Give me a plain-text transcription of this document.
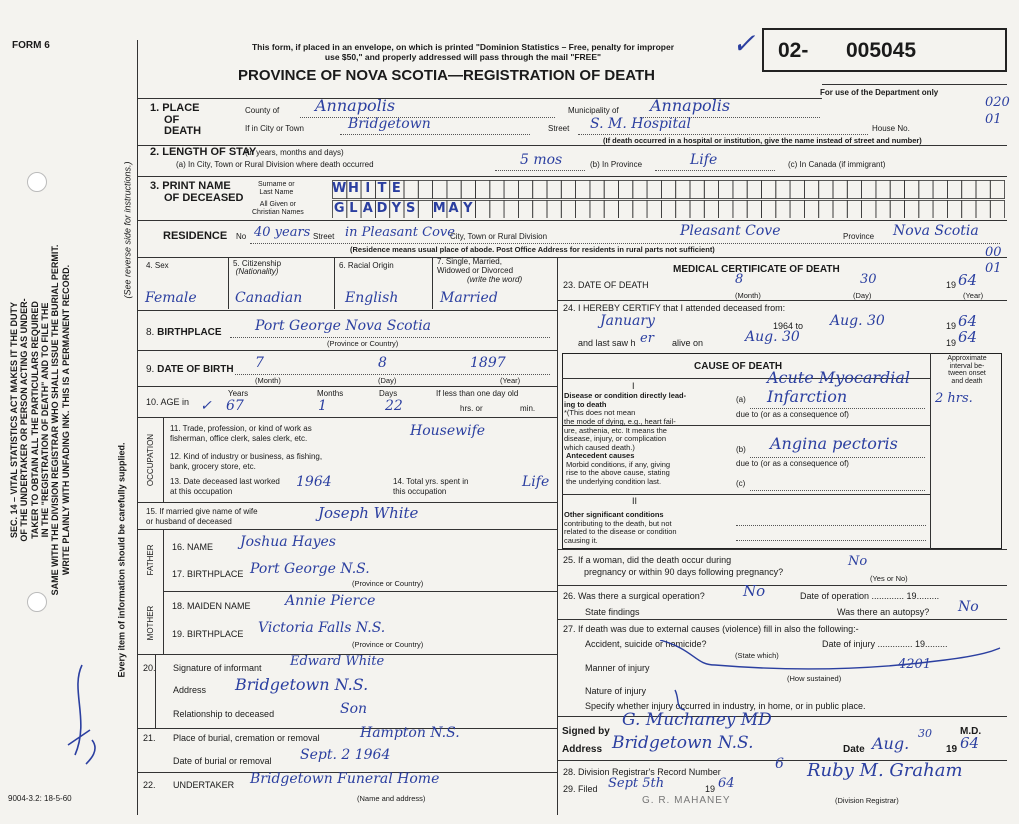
FORM 6
SEC. 14 – VITAL STATISTICS ACT MAKES IT THE DUTY OF THE UNDERTAKER OR PERSON ACTING AS UNDER- TAKER TO OBTAIN ALL THE PARTICULARS REQUIRED IN THE "REGISTRATION OF DEATH" AND TO FILE THE SAME WITH THE DIVISION REGISTRAR WHO SHALL ISSUE THE BURIAL PERMIT. WRITE PLAINLY WITH UNFADING INK. THIS IS A PERMANENT RECORD.
(See reverse side for instructions.)
Every item of information should be carefully supplied.
9004-3.2: 18-5-60
This form, if placed in an envelope, on which is printed "Dominion Statistics – Free, penalty for improper
use $50," and properly addressed will pass through the mail "FREE"
PROVINCE OF NOVA SCOTIA—REGISTRATION OF DEATH
✓ 02- 005045
For use of the Department only
020
01
1. PLACE
OF
DEATH
County of Annapolis	Municipality of Annapolis
If in City or Town	Bridgetown	Street S. M. Hospital	House No.
(If death occurred in a hospital or institution, give the name instead of street and number)
2. LENGTH OF STAY
(in years, months and days)
(a) In City, Town or Rural Division where death occurred	5 mos	(b) In Province	Life	(c) In Canada (if immigrant)
3. PRINT NAME
OF DECEASED
Surname or
Last Name
All Given or
Christian Names
W H I T E
G L A D Y S M A Y
RESIDENCE No 40 years Street in Pleasant Cove
City, Town or Rural Division	Pleasant Cove	Province Nova Scotia
(Residence means usual place of abode. Post Office Address for residents in rural parts not sufficient)	00
01
4. Sex	5. Citizenship
(Nationality)
6. Racial Origin	7. Single, Married,
Widowed or Divorced
(write the word)
Female	Canadian	English	Married
8. BIRTHPLACE Port George Nova Scotia
(Province or Country)
9. DATE OF BIRTH 7	8	1897
(Month)	(Day)	(Year)
10. AGE in
Years	Months	Days	If less than one day old
hrs. or	min.
✓ 67	1	22
OCCUPATION
11. Trade, profession, or kind of work as
fisherman, office clerk, sales clerk, etc.	Housewife
12. Kind of industry or business, as fishing,
bank, grocery store, etc.
13. Date deceased last worked
at this occupation
1964	14. Total yrs. spent in
this occupation
Life
15. If married give name of wife
or husband of deceased	Joseph White
FATHER
MOTHER
16. NAME Joshua Hayes
17. BIRTHPLACE Port George N.S.
(Province or Country)
18. MAIDEN NAME Annie Pierce
19. BIRTHPLACE Victoria Falls N.S.
(Province or Country)
20. Signature of informant Edward White
Address Bridgetown N.S.
Relationship to deceased	Son
21. Place of burial, cremation or removal	Hampton N.S.
Date of burial or removal Sept. 2 1964
22. UNDERTAKER Bridgetown Funeral Home
(Name and address)
MEDICAL CERTIFICATE OF DEATH
23. DATE OF DEATH	8	30	19 64
(Month)	(Day)	(Year)
24. I HEREBY CERTIFY that I attended deceased from:
January	1964 to Aug. 30	19 64
and last saw h er alive on	Aug. 30	19 64
CAUSE OF DEATH
Approximate
interval be-
tween onset
and death
I
Disease or condition directly lead-
ing to death
*(This does not mean
the mode of dying, e.g., heart fail-
ure, asthenia, etc. It means the
disease, injury, or complication
which caused death.)
(a)
Acute Myocardial
Infarction	2 hrs.
due to (or as a consequence of)
Antecedent causes
Morbid conditions, if any, giving
rise to the above cause, stating
the underlying condition last.
(b) Angina pectoris
due to (or as a consequence of)
(c)
II
Other significant conditions
contributing to the death, but not
related to the disease or condition
causing it.
25. If a woman, did the death occur during
pregnancy or within 90 days following pregnancy?
No
(Yes or No)
26. Was there a surgical operation?	No	Date of operation ............. 19.........
State findings	Was there an autopsy? No
27. If death was due to external causes (violence) fill in also the following:-
Accident, suicide or homicide?	Date of injury .............. 19.........
(State which)
Manner of injury	4201
(How sustained)
Nature of injury
Specify whether injury occurred in industry, in home, or in public place.
Signed by
G. Muchaney MD
M.D.
Address Bridgetown N.S.	Date Aug.
30
19 64
28. Division Registrar's Record Number	6 Ruby M. Graham
29. Filed Sept 5th	19 64
G. R. MAHANEY	(Division Registrar)
